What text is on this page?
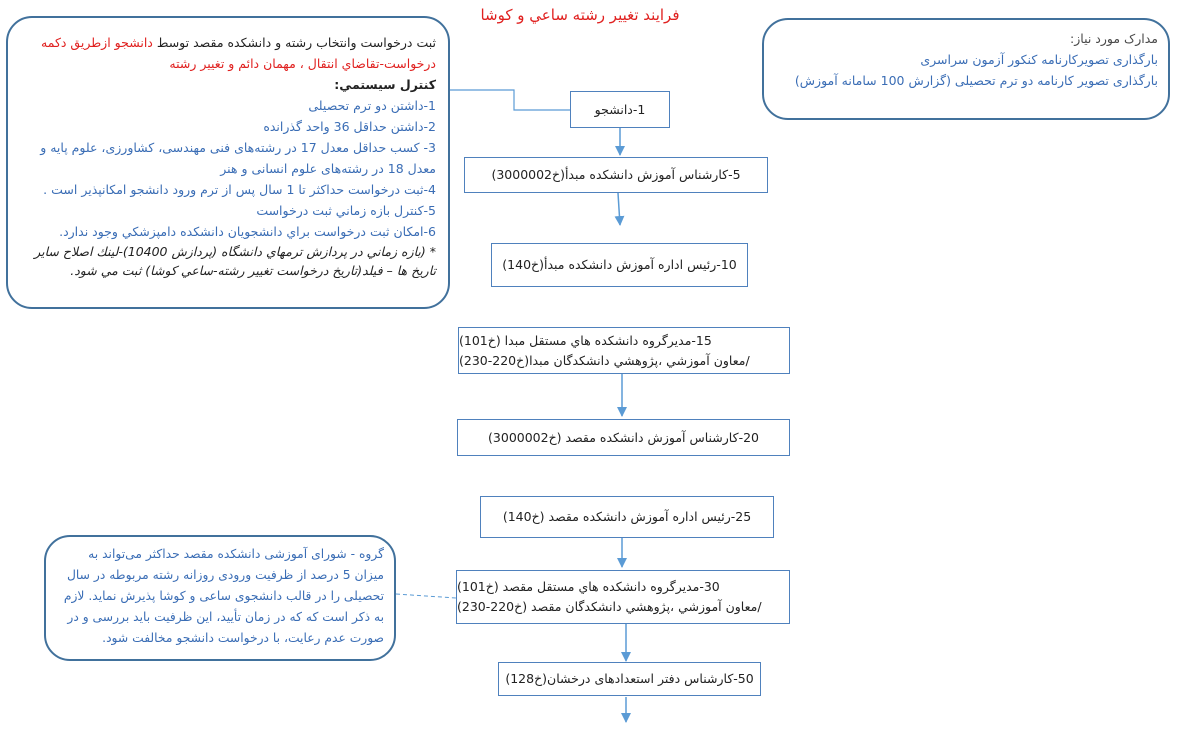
فرايند تغيير رشته ساعي و كوشا
مدارک مورد نیاز:
بارگذاری تصویرکارنامه کنکور آزمون سراسری
بارگذاری تصویر کارنامه دو ترم تحصیلی (گزارش 100 سامانه آموزش)
ثبت درخواست وانتخاب رشته و دانشکده مقصد توسط دانشجو ازطريق دكمه درخواست-تقاضاي انتقال ، مهمان دائم و تغيير رشته
كنترل سيستمي:
1-داشتن دو ترم تحصیلی
2-داشتن حداقل 36 واحد گذرانده
3- کسب حداقل معدل 17 در رشته‌های فنی مهندسی، کشاورزی، علوم پایه و معدل 18 در رشته‌های علوم انسانی و هنر
4-ثبت درخواست حداکثر تا 1 سال پس از ترم ورود دانشجو امکانپذیر است .
5-كنترل بازه زماني ثبت درخواست
6-امكان ثبت درخواست براي دانشجويان دانشكده دامپزشكي وجود ندارد.
* (بازه زماني در پردازش ترمهاي دانشگاه (پردازش 10400)-لينك اصلاح ساير تاريخ ها – فيلد(تاريخ درخواست تغيير رشته-ساعي كوشا) ثبت مي شود.
گروه - شورای آموزشی دانشکده مقصد حداکثر می‌تواند به میزان 5 درصد از ظرفیت ورودی روزانه رشته مربوطه در سال تحصیلی را در قالب دانشجوی ساعی و کوشا پذیرش نماید. لازم به ذکر است که که در زمان تأیید، این ظرفیت باید بررسی و در صورت عدم رعایت، با درخواست دانشجو مخالفت شود.
1-دانشجو
5-كارشناس آموزش دانشكده مبدأ(خ3000002)
10-رئيس اداره آموزش دانشكده مبدأ(خ140)
15-مديرگروه دانشكده هاي مستقل مبدا (خ101)
/معاون آموزشي ،پژوهشي دانشكدگان مبدا(خ220-230)
20-کارشناس آموزش دانشکده مقصد (خ3000002)
25-رئیس اداره آموزش دانشکده مقصد (خ140)
30-مديرگروه دانشكده هاي مستقل مقصد (خ101)
/معاون آموزشي ،پژوهشي دانشكدگان مقصد (خ220-230)
50-كارشناس دفتر استعدادهای درخشان(خ128)
